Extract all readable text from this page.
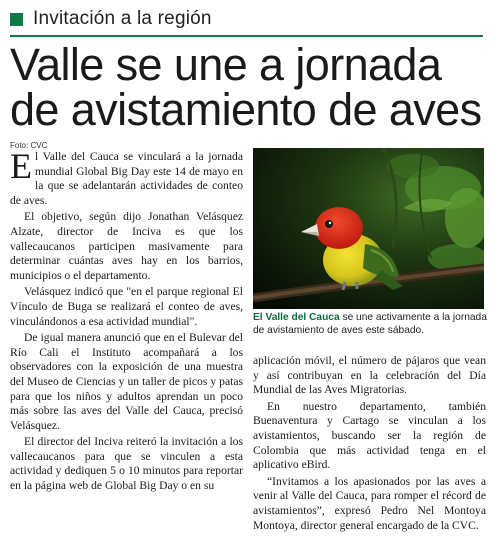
Invitación a la región
Valle se une a jornada
de avistamiento de aves
Foto: CVC

El Valle del Cauca se vinculará a la jornada mundial Global Big Day este 14 de mayo en la que se adelantarán actividades de conteo de aves.

El objetivo, según dijo Jonathan Velásquez Alzate, director de Inciva es que los vallecaucanos participen masivamente para determinar cuántas aves hay en los barrios, municipios o el departamento.

Velásquez indicó que "en el parque regional El Vínculo de Buga se realizará el conteo de aves, vinculándonos a esa actividad mundial".

De igual manera anunció que en el Bulevar del Río Cali el Instituto acompañará a los observadores con la exposición de una muestra del Museo de Ciencias y un taller de picos y patas para que los niños y adultos aprendan un poco más sobre las aves del Valle del Cauca, precisó Velásquez.

El director del Inciva reiteró la invitación a los vallecaucanos para que se vinculen a esta actividad y dediquen 5 o 10 minutos para reportar en la página web de Global Big Day o en su

El Valle del Cauca se une activamente a la jornada de avistamiento de aves este sábado.

aplicación móvil, el número de pájaros que vean y así contribuyan en la celebración del Día Mundial de las Aves Migratorias.

En nuestro departamento, también Buenaventura y Cartago se vinculan a los avistamientos, buscando ser la región de Colombia que más actividad tenga en el aplicativo eBird.

“Invitamos a los apasionados por las aves a venir al Valle del Cauca, para romper el récord de avistamientos”, expresó Pedro Nel Montoya Montoya, director general encargado de la CVC.
